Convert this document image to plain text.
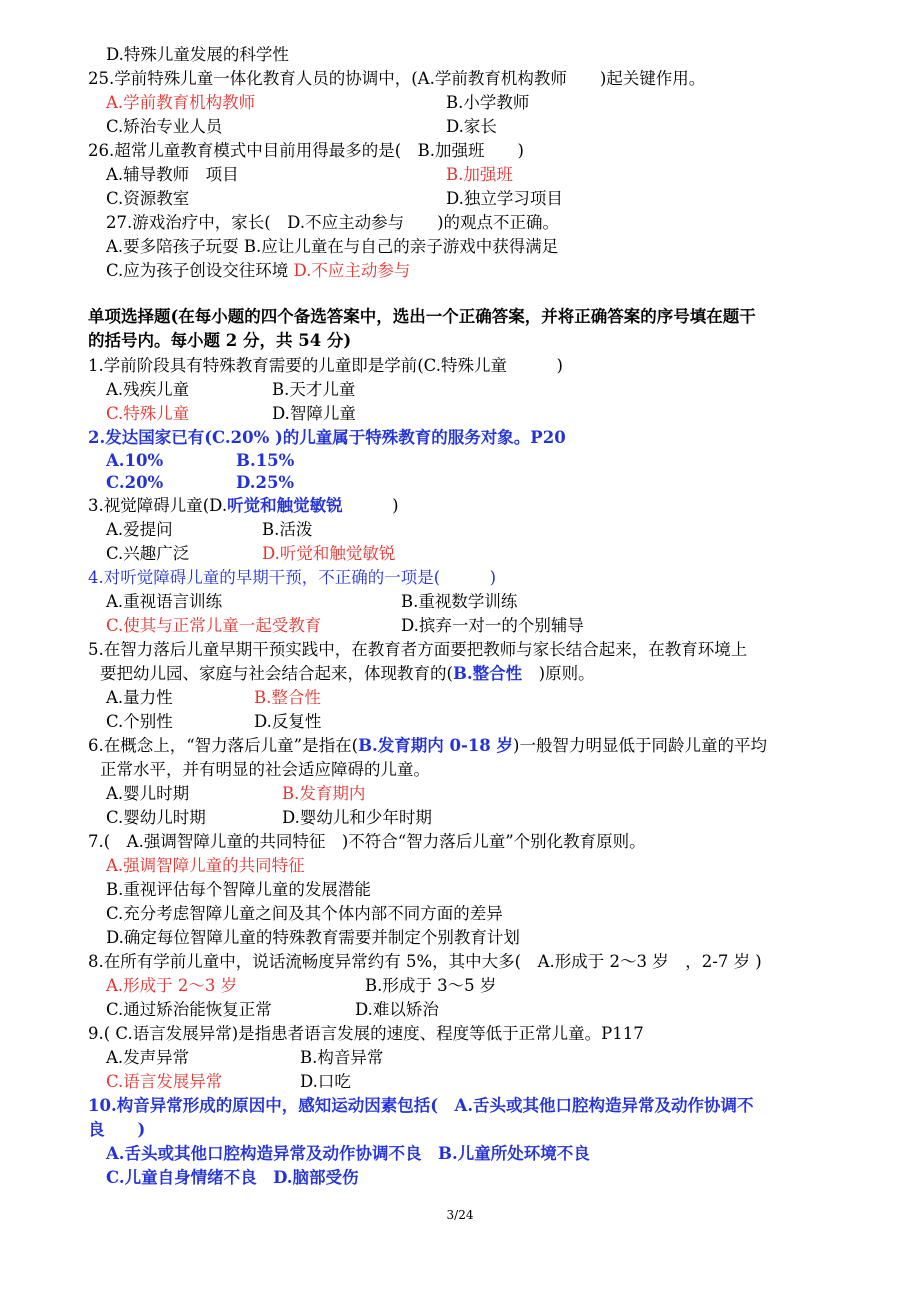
D.特殊儿童发展的科学性
25.学前特殊儿童一体化教育人员的协调中，(A.学前教育机构教师　　)起关键作用。
A.学前教育机构教师	B.小学教师
C.矫治专业人员	D.家长
26.超常儿童教育模式中目前用得最多的是(　B.加强班　　)
A.辅导教师　项目	B.加强班
C.资源教室	D.独立学习项目
27.游戏治疗中，家长(　D.不应主动参与　　)的观点不正确。
A.要多陪孩子玩耍 B.应让儿童在与自己的亲子游戏中获得满足
C.应为孩子创设交往环境 D.不应主动参与
单项选择题(在每小题的四个备选答案中，选出一个正确答案，并将正确答案的序号填在题干
的括号内。每小题 2 分，共 54 分)
1.学前阶段具有特殊教育需要的儿童即是学前(C.特殊儿童　　　)
A.残疾儿童	B.天才儿童
C.特殊儿童	D.智障儿童
2.发达国家已有(C.20% )的儿童属于特殊教育的服务对象。P20
A.10%	B.15%
C.20%	D.25%
3.视觉障碍儿童(D.听觉和触觉敏锐　　　)
A.爱提问	B.活泼
C.兴趣广泛	D.听觉和触觉敏锐
4.对听觉障碍儿童的早期干预，不正确的一项是(　　　)
A.重视语言训练	B.重视数学训练
C.使其与正常儿童一起受教育	D.摈弃一对一的个别辅导
5.在智力落后儿童早期干预实践中，在教育者方面要把教师与家长结合起来，在教育环境上
要把幼儿园、家庭与社会结合起来，体现教育的(B.整合性　)原则。
A.量力性	B.整合性
C.个别性	D.反复性
6.在概念上，“智力落后儿童”是指在(B.发育期内 0-18 岁)一般智力明显低于同龄儿童的平均
正常水平，并有明显的社会适应障碍的儿童。
A.婴儿时期	B.发育期内
C.婴幼儿时期	D.婴幼儿和少年时期
7.(　A.强调智障儿童的共同特征　)不符合“智力落后儿童”个别化教育原则。
A.强调智障儿童的共同特征
B.重视评估每个智障儿童的发展潜能
C.充分考虑智障儿童之间及其个体内部不同方面的差异
D.确定每位智障儿童的特殊教育需要并制定个别教育计划
8.在所有学前儿童中，说话流畅度异常约有 5%，其中大多(　A.形成于 2～3 岁　，2-7 岁 )
A.形成于 2～3 岁	B.形成于 3～5 岁
C.通过矫治能恢复正常	D.难以矫治
9.( C.语言发展异常)是指患者语言发展的速度、程度等低于正常儿童。P117
A.发声异常	B.构音异常
C.语言发展异常	D.口吃
10.构音异常形成的原因中，感知运动因素包括(　A.舌头或其他口腔构造异常及动作协调不
良　　)
A.舌头或其他口腔构造异常及动作协调不良　B.儿童所处环境不良
C.儿童自身情绪不良　D.脑部受伤
3/24
